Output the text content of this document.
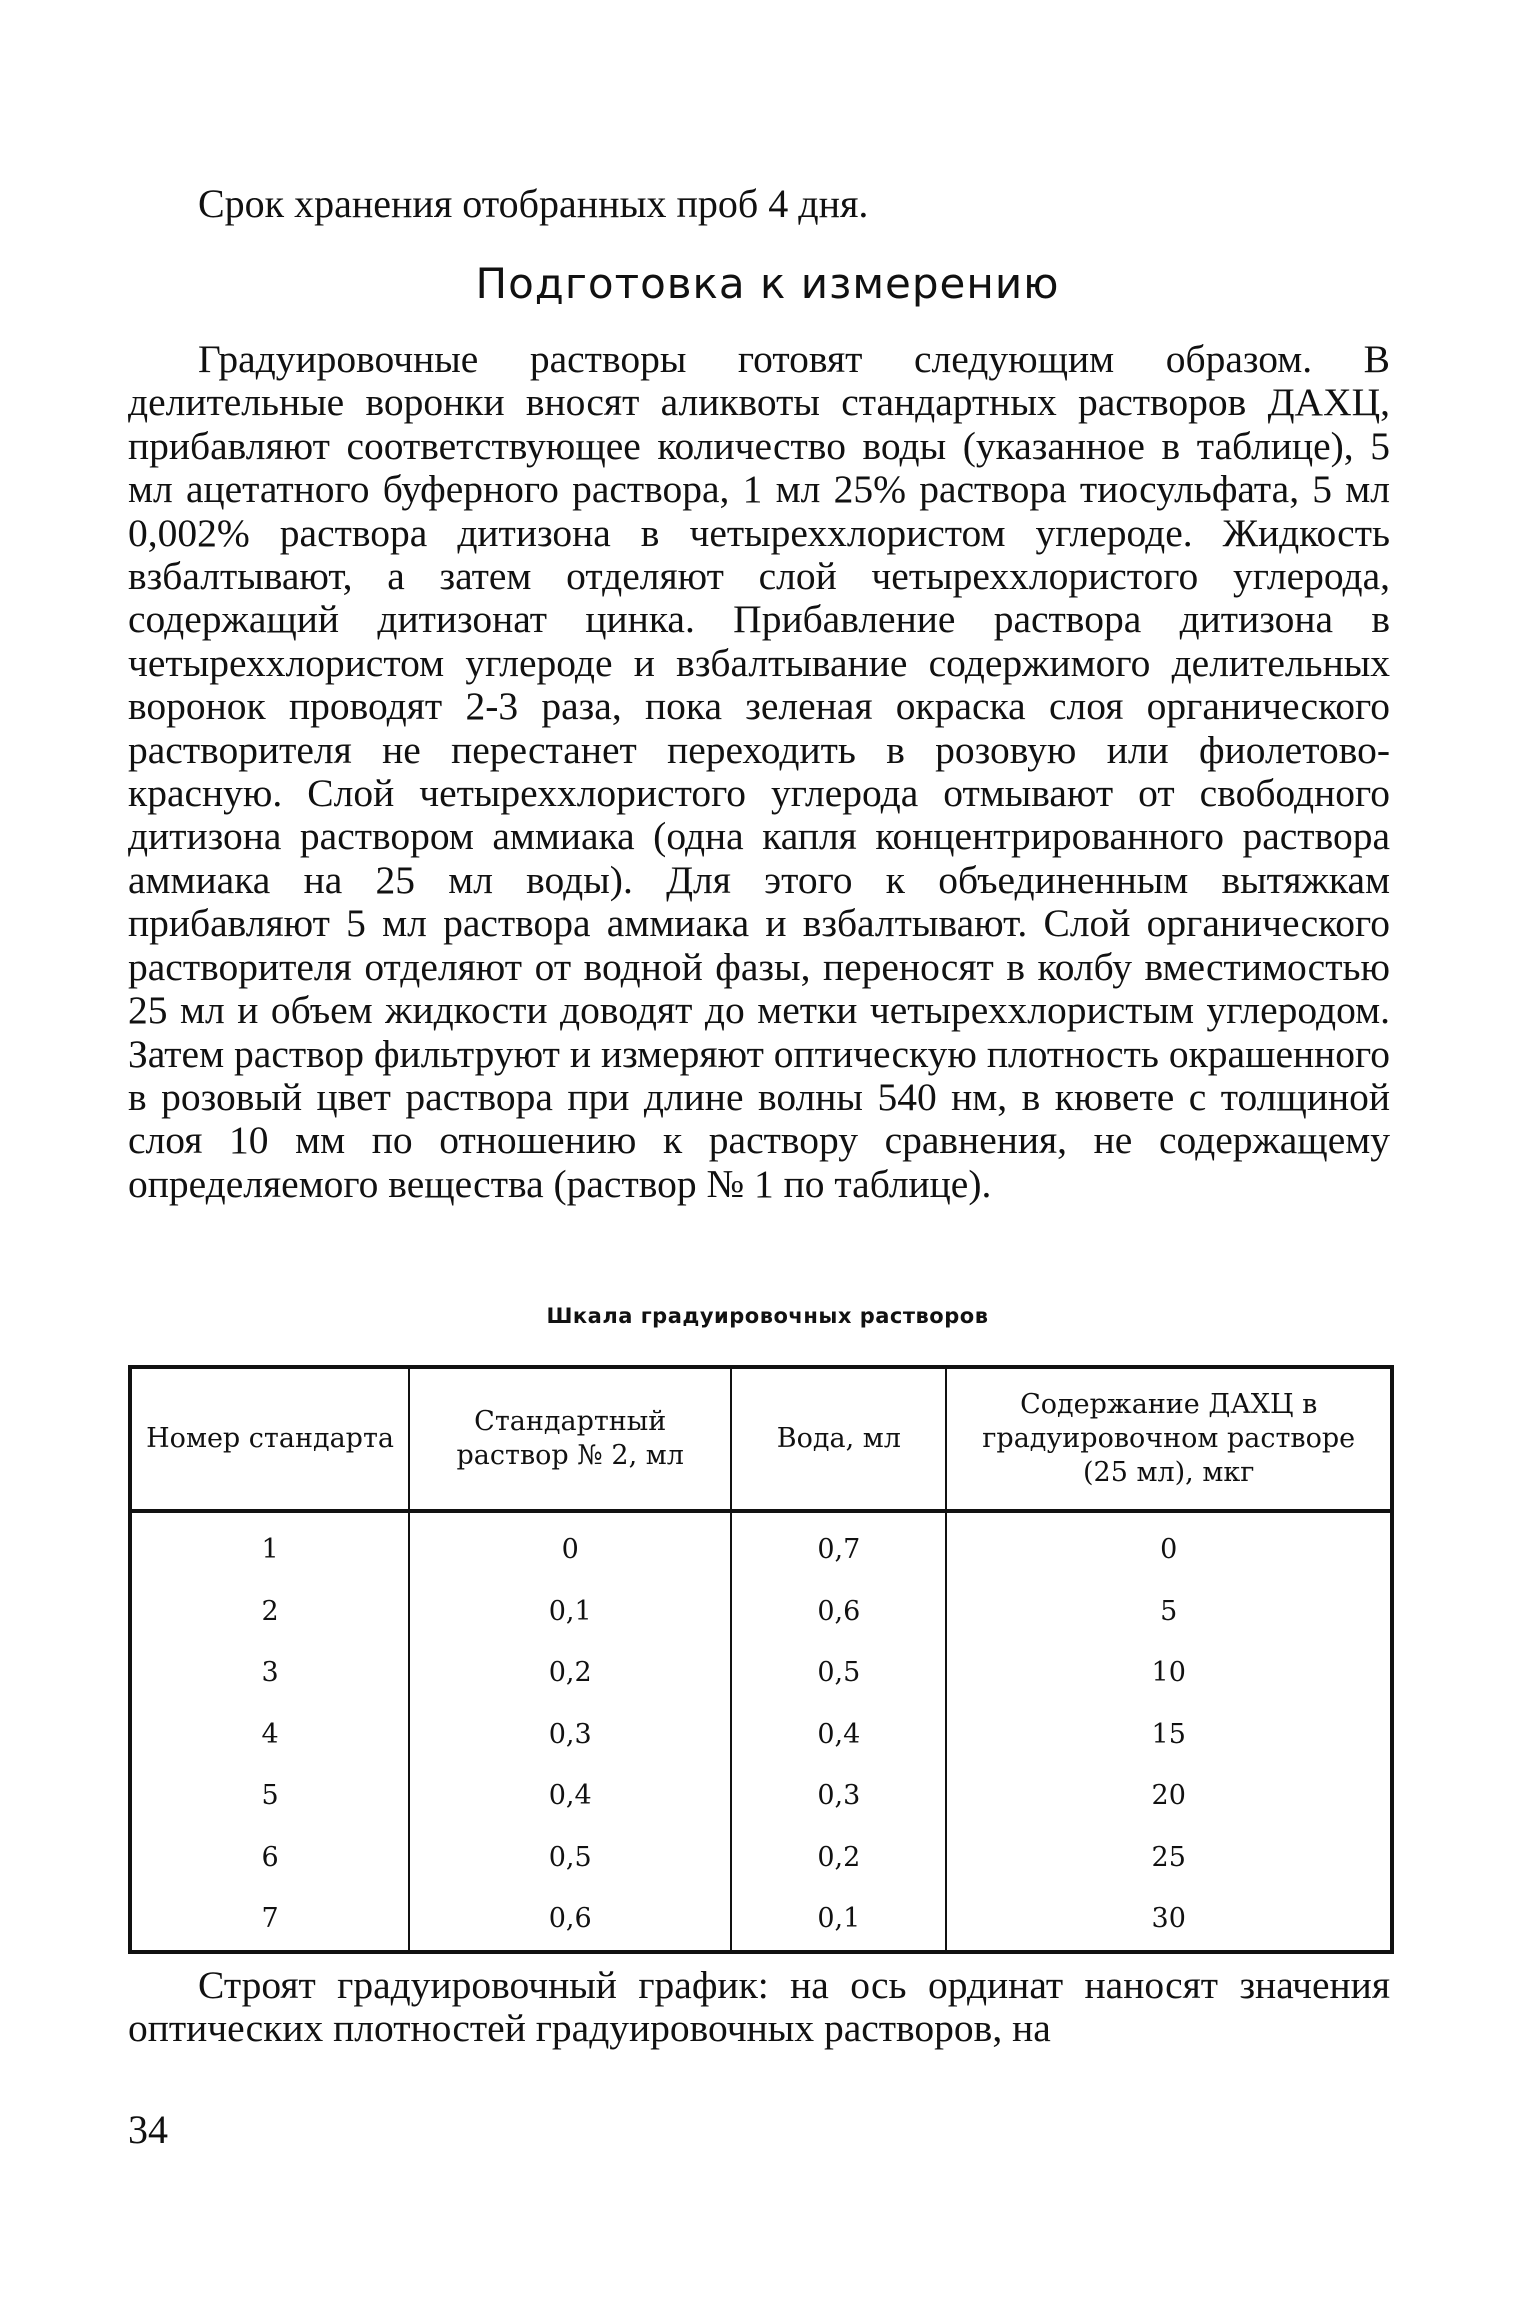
Срок хранения отобранных проб 4 дня.
Подготовка к измерению

Градуировочные растворы готовят следующим образом. В делительные воронки вносят аликвоты стандартных растворов ДАХЦ, прибавляют соответствующее количество воды (указанное в таблице), 5 мл ацетатного буферного раствора, 1 мл 25% раствора тиосульфата, 5 мл 0,002% раствора дитизона в четыреххлористом углероде. Жидкость взбалтывают, а затем отделяют слой четыреххлористого углерода, содержащий дитизонат цинка. Прибавление раствора дитизона в четыреххлористом углероде и взбалтывание содержимого делительных воронок проводят 2-3 раза, пока зеленая окраска слоя органического растворителя не перестанет переходить в розовую или фиолетово-красную. Слой четыреххлористого углерода отмывают от свободного дитизона раствором аммиака (одна капля концентрированного раствора аммиака на 25 мл воды). Для этого к объединенным вытяжкам прибавляют 5 мл раствора аммиака и взбалтывают. Слой органического растворителя отделяют от водной фазы, переносят в колбу вместимостью 25 мл и объем жидкости доводят до метки четыреххлористым углеродом. Затем раствор фильтруют и измеряют оптическую плотность окрашенного в розовый цвет раствора при длине волны 540 нм, в кювете с толщиной слоя 10 мм по отношению к раствору сравнения, не содержащему определяемого вещества (раствор № 1 по таблице).

Шкала градуировочных растворов
Номер стандарта	Стандартный раствор № 2, мл	Вода, мл	Содержание ДАХЦ в градуировочном растворе (25 мл), мкг
1	0	0,7	0
2	0,1	0,6	5
3	0,2	0,5	10
4	0,3	0,4	15
5	0,4	0,3	20
6	0,5	0,2	25
7	0,6	0,1	30

Строят градуировочный график: на ось ординат наносят значения оптических плотностей градуировочных растворов, на

34
